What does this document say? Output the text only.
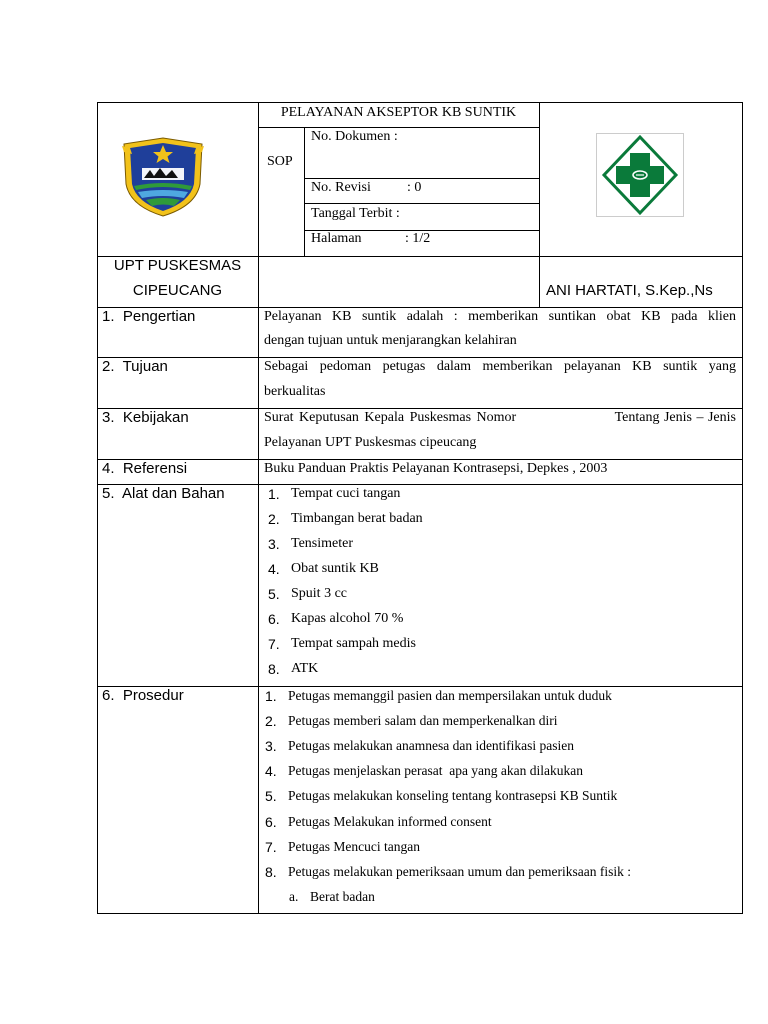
PELAYANAN AKSEPTOR KB SUNTIK
SOP
No. Dokumen :
No. Revisi	: 0
Tanggal Terbit :
Halaman	: 1/2
UPT PUSKESMAS
CIPEUCANG	ANI HARTATI, S.Kep.,Ns
1.  Pengertian	Pelayanan KB suntik adalah : memberikan suntikan obat KB pada klien
dengan tujuan untuk menjarangkan kelahiran
2.  Tujuan	Sebagai pedoman petugas dalam memberikan pelayanan KB suntik yang
berkualitas
3.  Kebijakan	Surat Keputusan Kepala Puskesmas Nomor	Tentang Jenis – Jenis
Pelayanan UPT Puskesmas cipeucang
4.  Referensi	Buku Panduan Praktis Pelayanan Kontrasepsi, Depkes , 2003
5.  Alat dan Bahan	1. Tempat cuci tangan
2. Timbangan berat badan
3. Tensimeter
4. Obat suntik KB
5. Spuit 3 cc
6. Kapas alcohol 70 %
7. Tempat sampah medis
8. ATK
6.  Prosedur	1. Petugas memanggil pasien dan mempersilakan untuk duduk
2. Petugas memberi salam dan memperkenalkan diri
3. Petugas melakukan anamnesa dan identifikasi pasien
4. Petugas menjelaskan perasat  apa yang akan dilakukan
5. Petugas melakukan konseling tentang kontrasepsi KB Suntik
6. Petugas Melakukan informed consent
7. Petugas Mencuci tangan
8. Petugas melakukan pemeriksaan umum dan pemeriksaan fisik :
a. Berat badan
